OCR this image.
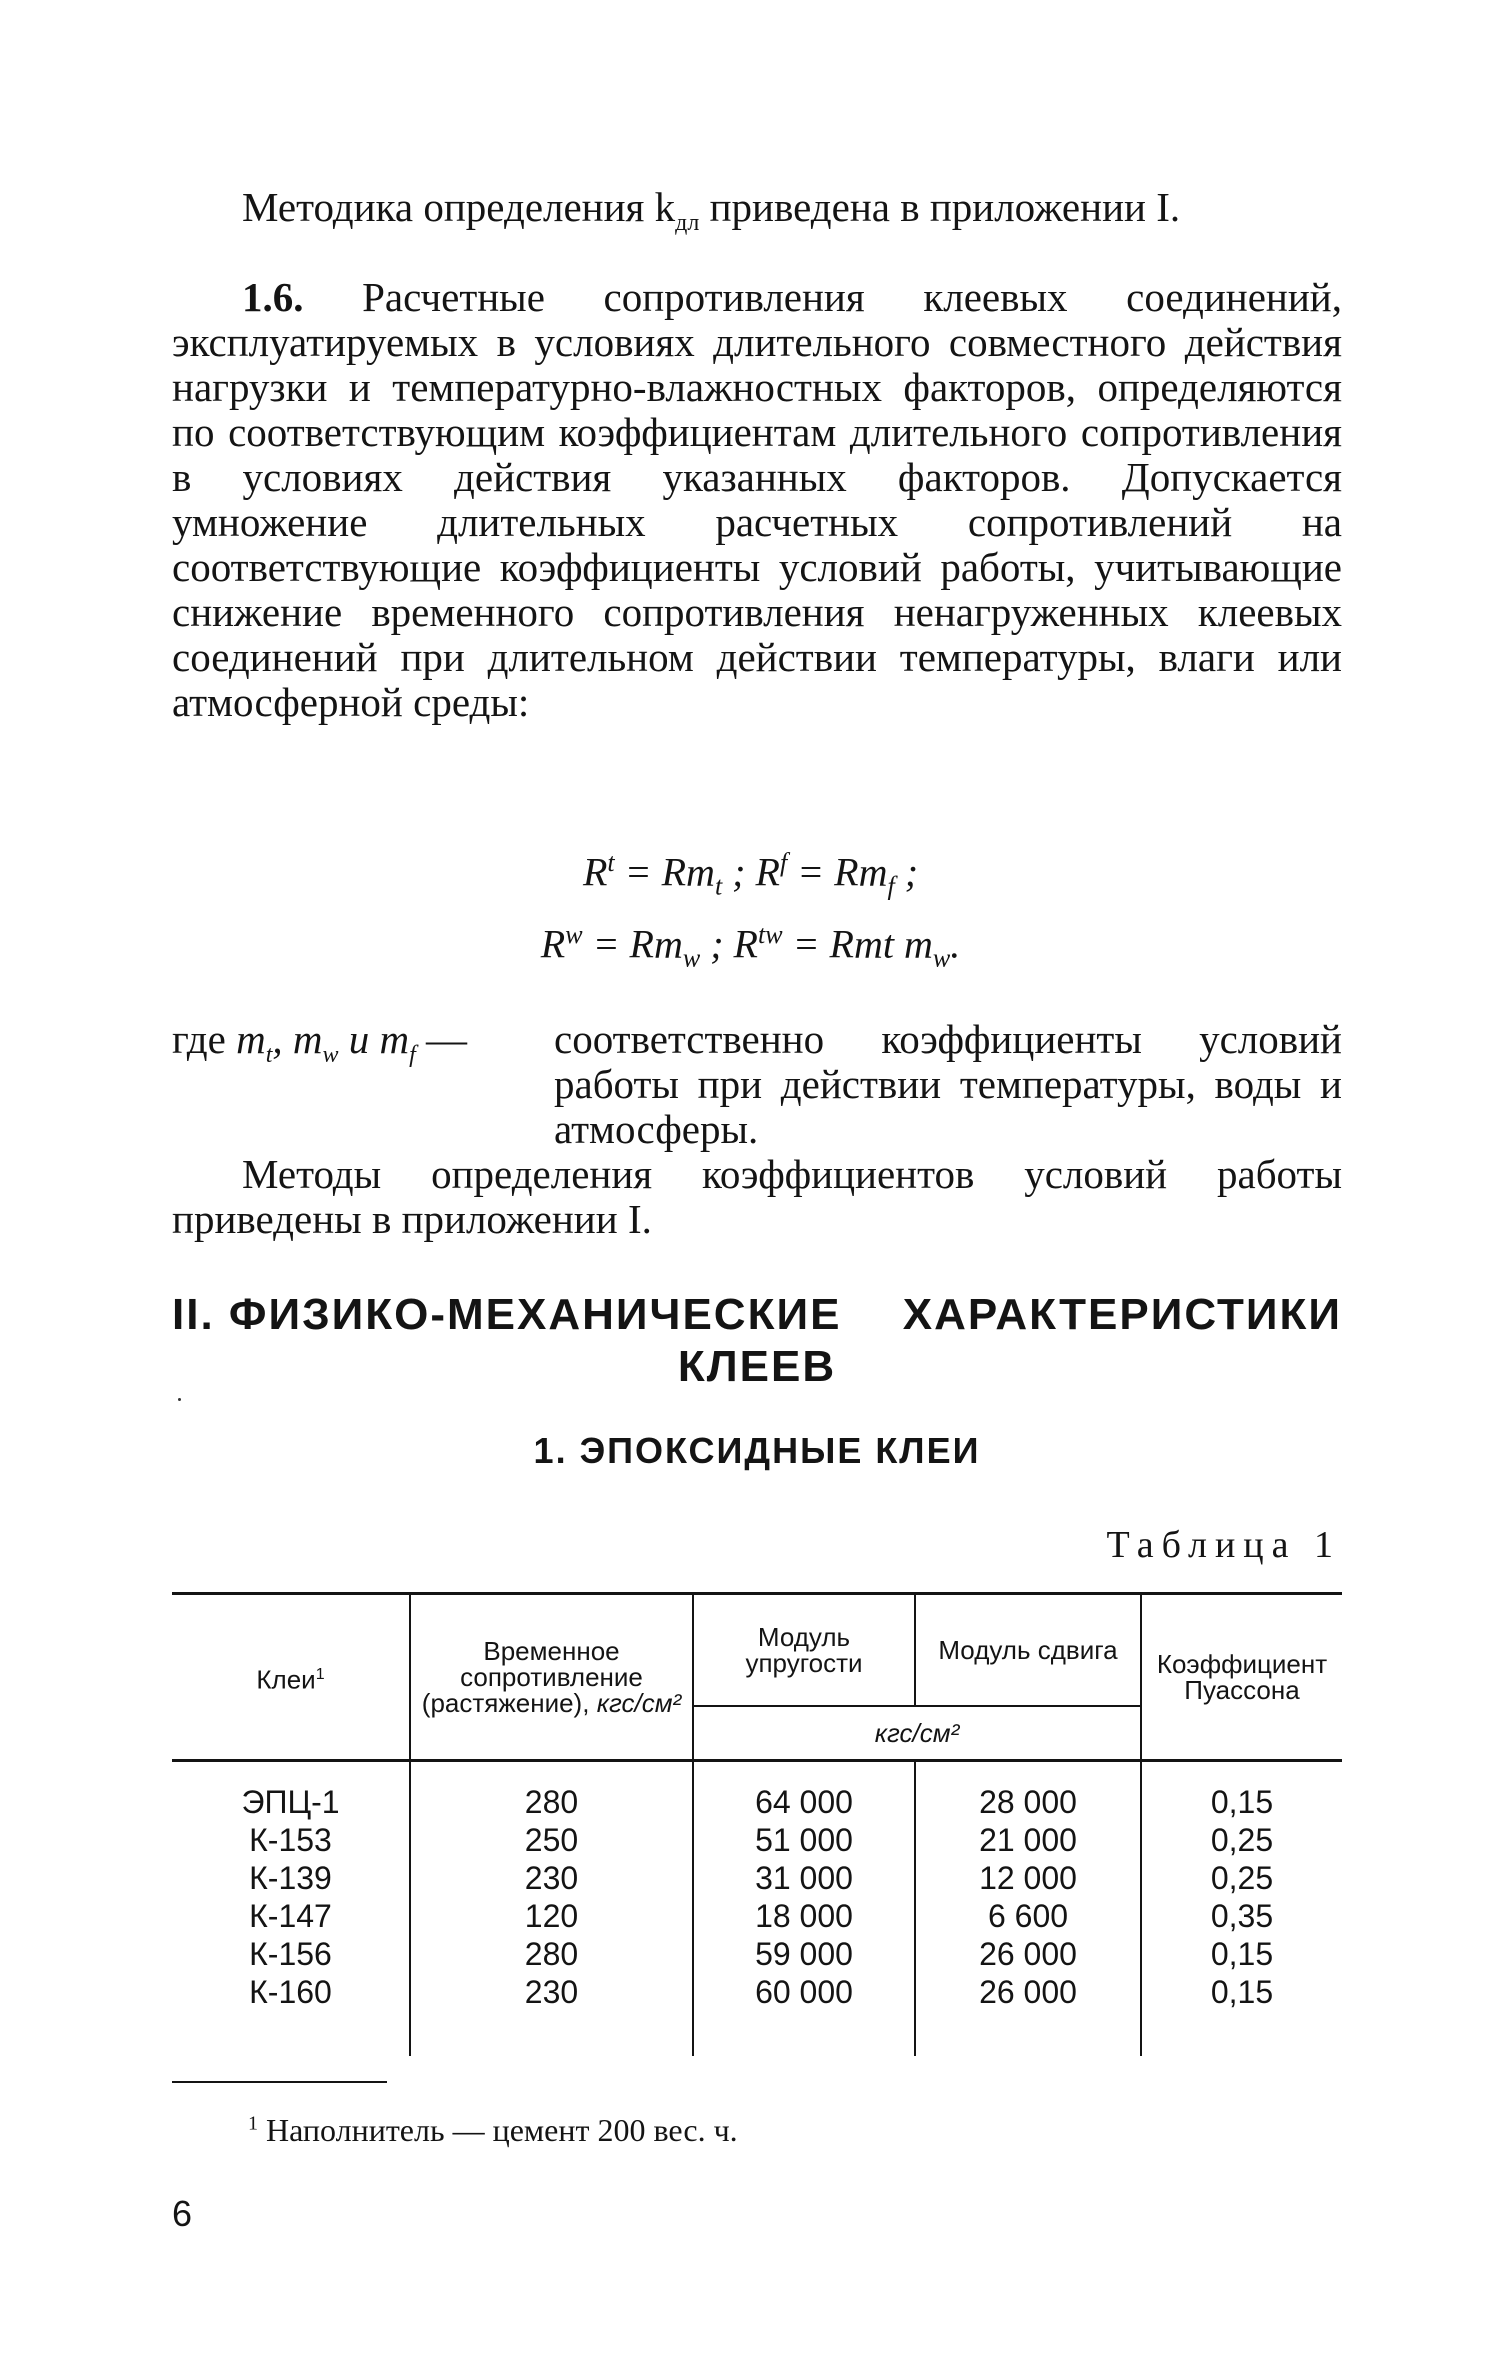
Методика определения $k_{дл}$ приведена в приложении I.

1.6. Расчетные сопротивления клеевых соединений, эксплуатируемых в условиях длительного совместного действия нагрузки и температурно-влажностных факторов, определяются по соответствующим коэффициентам длительного сопротивления в условиях действия указанных факторов. Допускается умножение длительных расчетных сопротивлений на соответствующие коэффициенты условий работы, учитывающие снижение временного сопротивления ненагруженных клеевых соединений при длительном действии температуры, влаги или атмосферной среды:

$R^t = Rm_t$ ; $R^f = Rm_f$ ;
$R^w = Rm_w$ ; $R^{tw}$ = Rmt $m_w$.
где $m_t$, $m_w$ и $m_f$ — соответственно коэффициенты условий работы при действии температуры, воды и атмосферы.

Методы определения коэффициентов условий работы приведены в приложении I.

II. ФИЗИКО-МЕХАНИЧЕСКИЕ ХАРАКТЕРИСТИКИ
КЛЕЕВ
1. ЭПОКСИДНЫЕ КЛЕИ
Таблица 1
Клеи$^1$	Временное сопротивление (растяжение), кгс/см²	Модуль упругости	Модуль сдвига	Коэффициент Пуассона
		кгс/см²		
ЭПЦ-1	280	64 000	28 000	0,15
К-153	250	51 000	21 000	0,25
К-139	230	31 000	12 000	0,25
К-147	120	18 000	6 600	0,35
К-156	280	59 000	26 000	0,15
К-160	230	60 000	26 000	0,15
$^1$ Наполнитель — цемент 200 вес. ч.
6
